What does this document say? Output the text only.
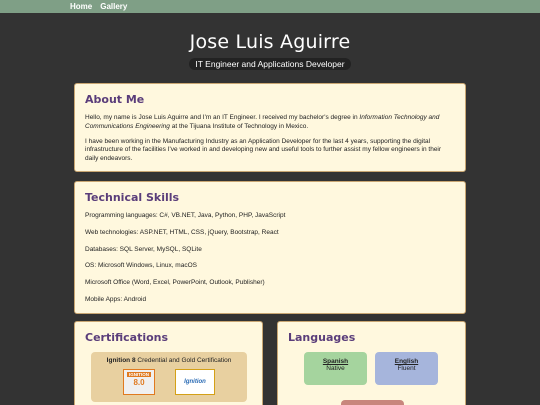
Home Gallery
Jose Luis Aguirre
IT Engineer and Applications Developer
About Me

Hello, my name is Jose Luis Aguirre and I'm an IT Engineer. I received my bachelor's degree in Information Technology and Communications Engineering at the Tijuana Institute of Technology in Mexico.

I have been working in the Manufacturing Industry as an Application Developer for the last 4 years, supporting the digital infrastructure of the facilities I've worked in and developing new and useful tools to further assist my fellow engineers in their daily endeavors.

Technical Skills

Programming languages: C#, VB.NET, Java, Python, PHP, JavaScript

Web technologies: ASP.NET, HTML, CSS, jQuery, Bootstrap, React

Databases: SQL Server, MySQL, SQLite

OS: Microsoft Windows, Linux, macOS

Microsoft Office (Word, Excel, PowerPoint, Outlook, Publisher)

Mobile Apps: Android

Certifications
Ignition 8 Credential and Gold Certification
IGNITION
8.0	Ignition
Languages
Spanish
Native
English
Fluent
